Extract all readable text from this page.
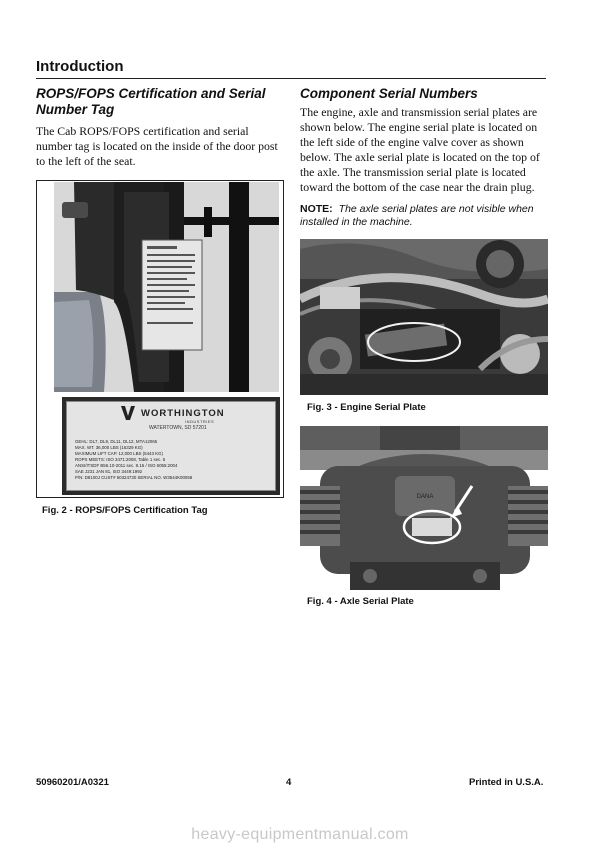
Introduction
ROPS/FOPS Certification and Serial Number Tag

The Cab ROPS/FOPS certification and serial number tag is located on the inside of the door post to the left of the seat.

WORTHINGTON
INDUSTRIES
WATERTOWN, SD 57201
GEHL: DL7, DL9, DL11, DL12, MTA12065
MAX. WT. 36,000 LBS (16329 KG)
MAXIMUM LIFT CAP. 12,000 LBS (5443 KG)
ROPS MEETS: ISO 3471:2008, Table 1 sec. 5
ANSI/ITSDF B56.10-2011 sec. 8.16 / ISO 6055:2004
SAE J231 JAN 81, ISO 3449:1992
P/N: D8100J CUST# 50324730 SERIAL NO. W3544K00058
Fig. 2 - ROPS/FOPS Certification Tag
Component Serial Numbers

The engine, axle and transmission serial plates are shown below. The engine serial plate is located on the left side of the engine valve cover as shown below. The axle serial plate is located on the top of the axle. The transmission serial plate is located toward the bottom of the case near the drain plug.

NOTE: The axle serial plates are not visible when installed in the machine.

Fig. 3 - Engine Serial Plate
DANA
Fig. 4 - Axle Serial Plate
50960201/A0321	4	Printed in U.S.A.
heavy-equipmentmanual.com
